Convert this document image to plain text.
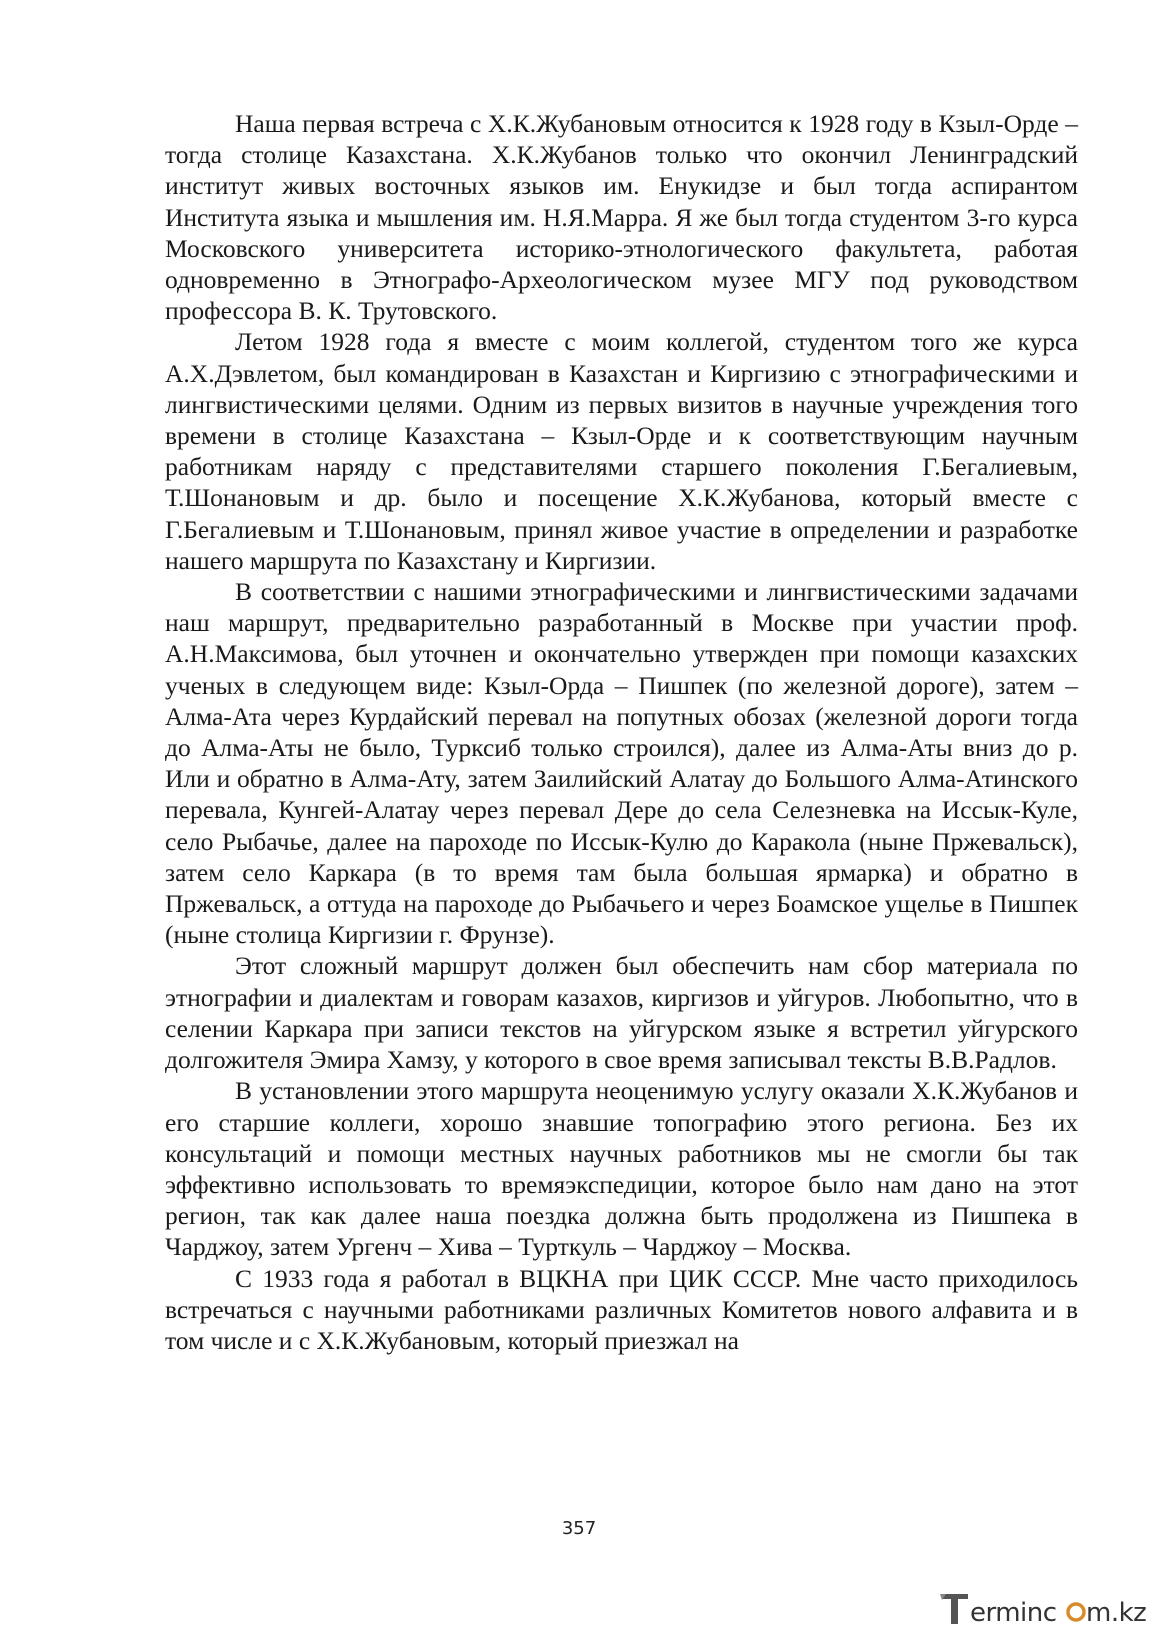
Наша первая встреча с Х.К.Жубановым относится к 1928 году в Кзыл-Орде – тогда столице Казахстана. Х.К.Жубанов только что окончил Ленинградский институт живых восточных языков им. Енукидзе и был тогда аспирантом Института языка и мышления им. Н.Я.Марра. Я же был тогда студентом 3-го курса Московского университета историко-этнологического факультета, работая одновременно в Этнографо-Археологическом музее МГУ под руководством профессора В. К. Трутовского.

Летом 1928 года я вместе с моим коллегой, студентом того же курса А.Х.Дэвлетом, был командирован в Казахстан и Киргизию с этнографическими и лингвистическими целями. Одним из первых визитов в научные учреждения того времени в столице Казахстана – Кзыл-Орде и к соответствующим научным работникам наряду с представителями старшего поколения Г.Бегалиевым, Т.Шонановым и др. было и посещение Х.К.Жубанова, который вместе с Г.Бегалиевым и Т.Шонановым, принял живое участие в определении и разработке нашего маршрута по Казахстану и Киргизии.

В соответствии с нашими этнографическими и лингвистическими задачами наш маршрут, предварительно разработанный в Москве при участии проф. А.Н.Максимова, был уточнен и окончательно утвержден при помощи казахских ученых в следующем виде: Кзыл-Орда – Пишпек (по железной дороге), затем – Алма-Ата через Курдайский перевал на попутных обозах (железной дороги тогда до Алма-Аты не было, Турксиб только строился), далее из Алма-Аты вниз до р. Или и обратно в Алма-Ату, затем Заилийский Алатау до Большого Алма-Атинского перевала, Кунгей-Алатау через перевал Дере до села Селезневка на Иссык-Куле, село Рыбачье, далее на пароходе по Иссык-Кулю до Каракола (ныне Пржевальск), затем село Каркара (в то время там была большая ярмарка) и обратно в Пржевальск, а оттуда на пароходе до Рыбачьего и через Боамское ущелье в Пишпек (ныне столица Киргизии г. Фрунзе).

Этот сложный маршрут должен был обеспечить нам сбор материала по этнографии и диалектам и говорам казахов, киргизов и уйгуров. Любопытно, что в селении Каркара при записи текстов на уйгурском языке я встретил уйгурского долгожителя Эмира Хамзу, у которого в свое время записывал тексты В.В.Радлов.

В установлении этого маршрута неоценимую услугу оказали Х.К.Жубанов и его старшие коллеги, хорошо знавшие топографию этого региона. Без их консультаций и помощи местных научных работников мы не смогли бы так эффективно использовать то времяэкспедиции, которое было нам дано на этот регион, так как далее наша поездка должна быть продолжена из Пишпека в Чарджоу, затем Ургенч – Хива – Турткуль – Чарджоу – Москва.

С 1933 года я работал в ВЦКНА при ЦИК СССР. Мне часто приходилось встречаться с научными работниками различных Комитетов нового алфавита и в том числе и с Х.К.Жубановым, который приезжал на

357
erminc m.kz
